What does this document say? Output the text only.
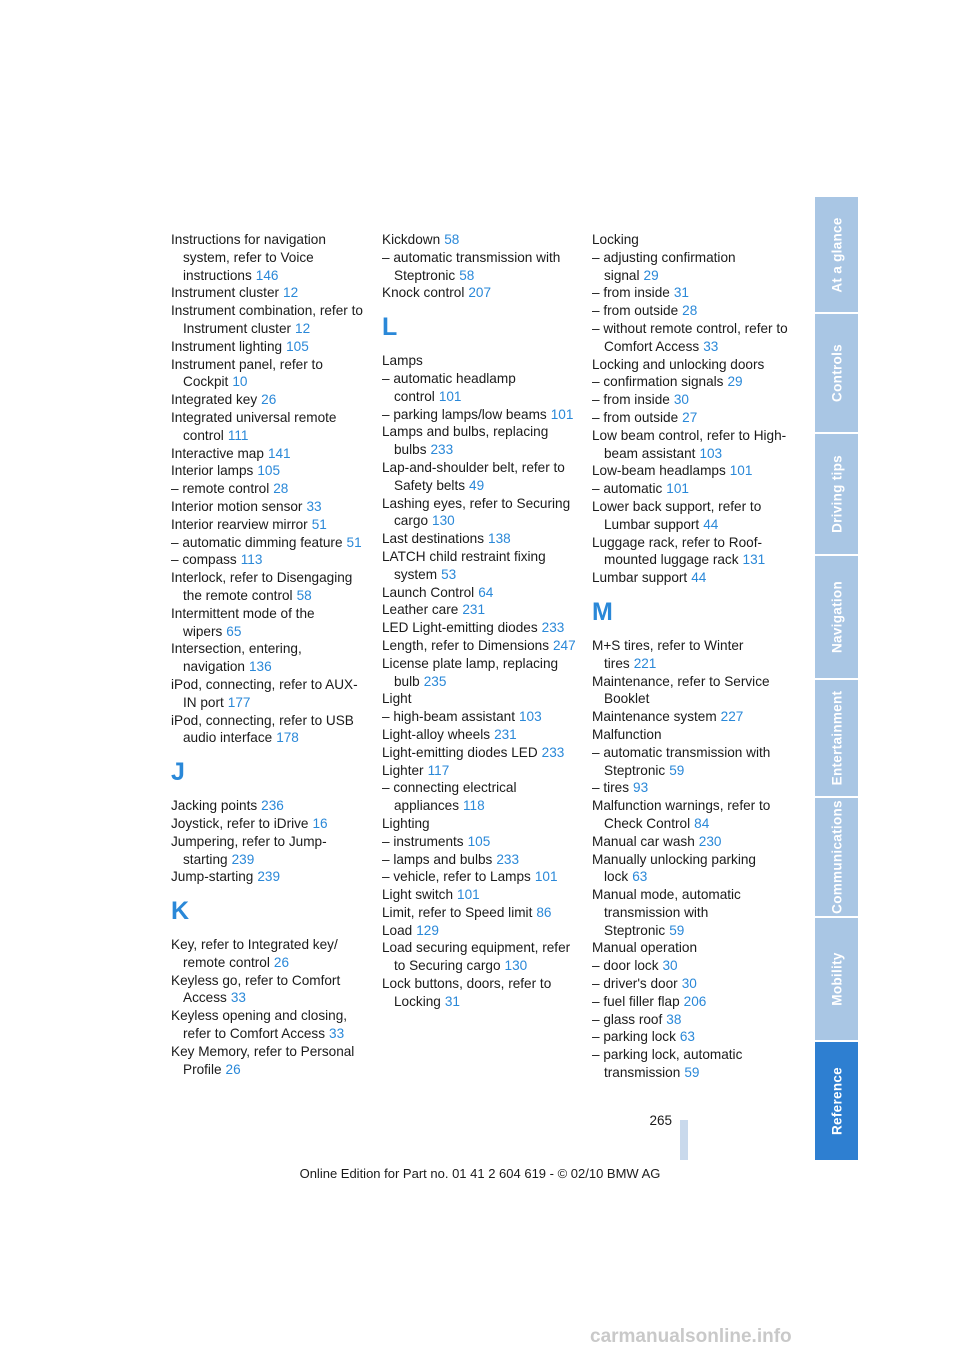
Instructions for navigation system, refer to Voice instructions 146
Instrument cluster 12
Instrument combination, refer to Instrument cluster 12
Instrument lighting 105
Instrument panel, refer to Cockpit 10
Integrated key 26
Integrated universal remote control 111
Interactive map 141
Interior lamps 105
– remote control 28
Interior motion sensor 33
Interior rearview mirror 51
– automatic dimming feature 51
– compass 113
Interlock, refer to Disengaging the remote control 58
Intermittent mode of the wipers 65
Intersection, entering, navigation 136
iPod, connecting, refer to AUX-IN port 177
iPod, connecting, refer to USB audio interface 178
J
Jacking points 236
Joystick, refer to iDrive 16
Jumpering, refer to Jump-starting 239
Jump-starting 239
K
Key, refer to Integrated key/ remote control 26
Keyless go, refer to Comfort Access 33
Keyless opening and closing, refer to Comfort Access 33
Key Memory, refer to Personal Profile 26
Kickdown 58
– automatic transmission with Steptronic 58
Knock control 207
L
Lamps
– automatic headlamp control 101
– parking lamps/low beams 101
Lamps and bulbs, replacing bulbs 233
Lap-and-shoulder belt, refer to Safety belts 49
Lashing eyes, refer to Securing cargo 130
Last destinations 138
LATCH child restraint fixing system 53
Launch Control 64
Leather care 231
LED Light-emitting diodes 233
Length, refer to Dimensions 247
License plate lamp, replacing bulb 235
Light
– high-beam assistant 103
Light-alloy wheels 231
Light-emitting diodes LED 233
Lighter 117
– connecting electrical appliances 118
Lighting
– instruments 105
– lamps and bulbs 233
– vehicle, refer to Lamps 101
Light switch 101
Limit, refer to Speed limit 86
Load 129
Load securing equipment, refer to Securing cargo 130
Lock buttons, doors, refer to Locking 31
Locking
– adjusting confirmation signal 29
– from inside 31
– from outside 28
– without remote control, refer to Comfort Access 33
Locking and unlocking doors
– confirmation signals 29
– from inside 30
– from outside 27
Low beam control, refer to High-beam assistant 103
Low-beam headlamps 101
– automatic 101
Lower back support, refer to Lumbar support 44
Luggage rack, refer to Roof-mounted luggage rack 131
Lumbar support 44
M
M+S tires, refer to Winter tires 221
Maintenance, refer to Service Booklet
Maintenance system 227
Malfunction
– automatic transmission with Steptronic 59
– tires 93
Malfunction warnings, refer to Check Control 84
Manual car wash 230
Manually unlocking parking lock 63
Manual mode, automatic transmission with Steptronic 59
Manual operation
– door lock 30
– driver's door 30
– fuel filler flap 206
– glass roof 38
– parking lock 63
– parking lock, automatic transmission 59
At a glance
Controls
Driving tips
Navigation
Entertainment
Communications
Mobility
Reference
265
Online Edition for Part no. 01 41 2 604 619 - © 02/10 BMW AG
carmanualsonline.info
